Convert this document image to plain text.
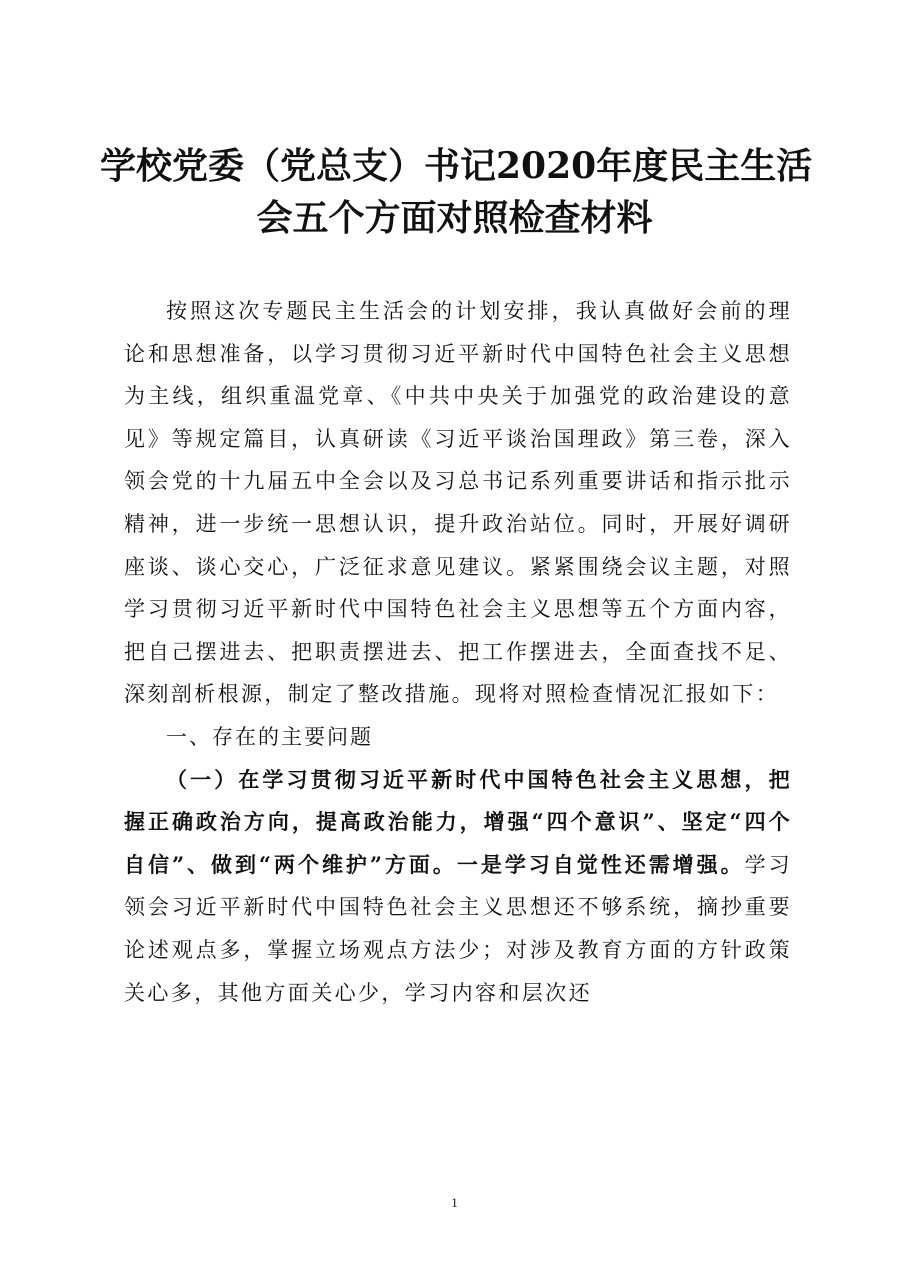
学校党委（党总支）书记2020年度民主生活
会五个方面对照检查材料

按照这次专题民主生活会的计划安排，我认真做好会前的理论和思想准备，以学习贯彻习近平新时代中国特色社会主义思想为主线，组织重温党章、《中共中央关于加强党的政治建设的意见》等规定篇目，认真研读《习近平谈治国理政》第三卷，深入领会党的十九届五中全会以及习总书记系列重要讲话和指示批示精神，进一步统一思想认识，提升政治站位。同时，开展好调研座谈、谈心交心，广泛征求意见建议。紧紧围绕会议主题，对照学习贯彻习近平新时代中国特色社会主义思想等五个方面内容，把自己摆进去、把职责摆进去、把工作摆进去，全面查找不足、深刻剖析根源，制定了整改措施。现将对照检查情况汇报如下：

一、存在的主要问题

（一）在学习贯彻习近平新时代中国特色社会主义思想，把握正确政治方向，提高政治能力，增强“四个意识”、坚定“四个自信”、做到“两个维护”方面。一是学习自觉性还需增强。学习领会习近平新时代中国特色社会主义思想还不够系统，摘抄重要论述观点多，掌握立场观点方法少；对涉及教育方面的方针政策关心多，其他方面关心少，学习内容和层次还

1
